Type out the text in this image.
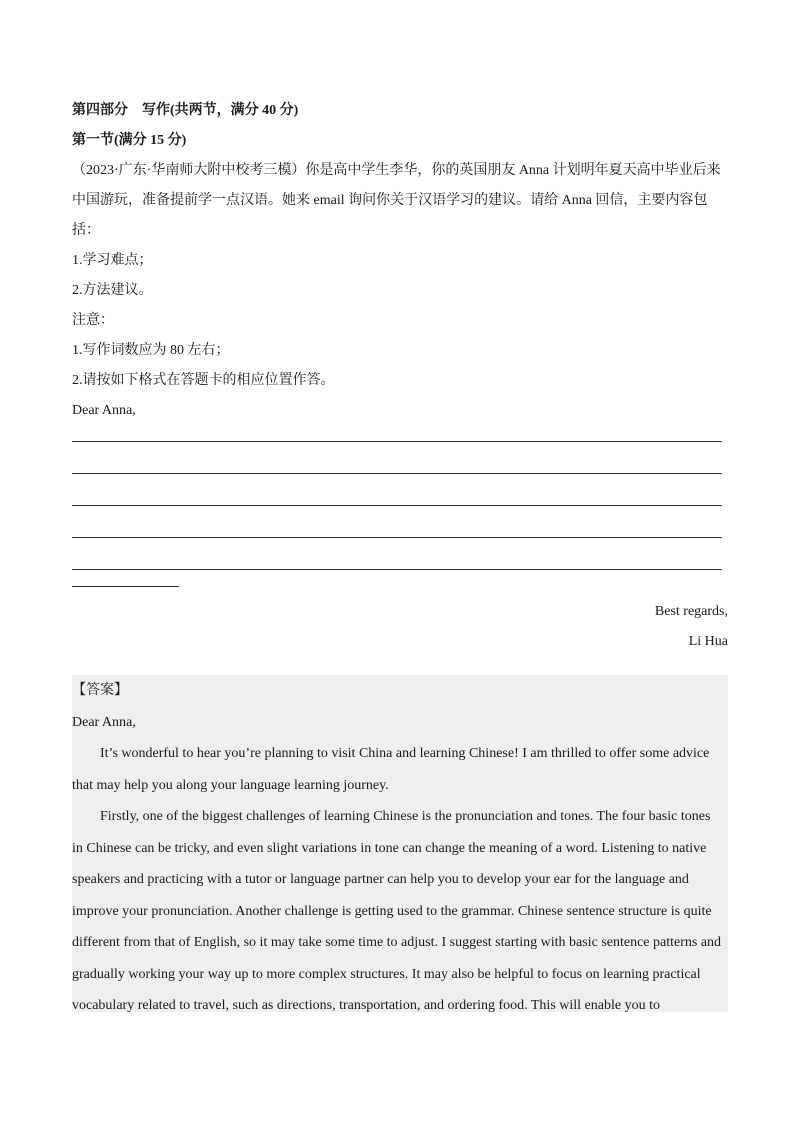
第四部分　写作(共两节，满分 40 分)
第一节(满分 15 分)
（2023·广东·华南师大附中校考三模）你是高中学生李华，你的英国朋友 Anna 计划明年夏天高中毕业后来
中国游玩，准备提前学一点汉语。她来 email 询问你关于汉语学习的建议。请给 Anna 回信，主要内容包
括：
1.学习难点；
2.方法建议。
注意：
1.写作词数应为 80 左右；
2.请按如下格式在答题卡的相应位置作答。
Dear Anna,
Best regards,
Li Hua
【答案】
Dear Anna,
It’s wonderful to hear you’re planning to visit China and learning Chinese! I am thrilled to offer some advice
that may help you along your language learning journey.
Firstly, one of the biggest challenges of learning Chinese is the pronunciation and tones. The four basic tones
in Chinese can be tricky, and even slight variations in tone can change the meaning of a word. Listening to native
speakers and practicing with a tutor or language partner can help you to develop your ear for the language and
improve your pronunciation. Another challenge is getting used to the grammar. Chinese sentence structure is quite
different from that of English, so it may take some time to adjust. I suggest starting with basic sentence patterns and
gradually working your way up to more complex structures. It may also be helpful to focus on learning practical
vocabulary related to travel, such as directions, transportation, and ordering food. This will enable you to
